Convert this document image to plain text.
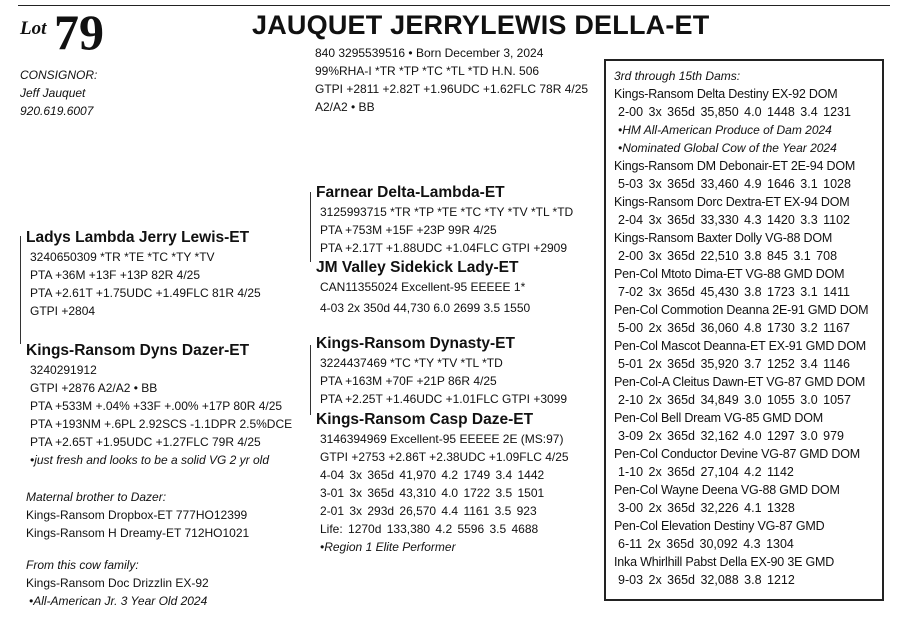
Lot 79	JAUQUET JERRYLEWIS DELLA-ET
CONSIGNOR:
Jeff Jauquet
920.619.6007
840 3295539516 • Born December 3, 2024
99%RHA-I *TR *TP *TC *TL *TD H.N. 506
GTPI +2811 +2.82T +1.96UDC +1.62FLC 78R 4/25
A2/A2 • BB
Ladys Lambda Jerry Lewis-ET
3240650309 *TR *TE *TC *TY *TV
PTA +36M +13F +13P 82R 4/25
PTA +2.61T +1.75UDC +1.49FLC 81R 4/25
GTPI +2804
Kings-Ransom Dyns Dazer-ET
3240291912
GTPI +2876 A2/A2 • BB
PTA +533M +.04% +33F +.00% +17P 80R 4/25
PTA +193NM +.6PL 2.92SCS -1.1DPR 2.5%DCE
PTA +2.65T +1.95UDC +1.27FLC 79R 4/25
•just fresh and looks to be a solid VG 2 yr old
Maternal brother to Dazer:
Kings-Ransom Dropbox-ET 777HO12399
Kings-Ransom H Dreamy-ET 712HO1021
From this cow family:
Kings-Ransom Doc Drizzlin EX-92
•All-American Jr. 3 Year Old 2024
Farnear Delta-Lambda-ET
3125993715 *TR *TP *TE *TC *TY *TV *TL *TD
PTA +753M +15F +23P 99R 4/25
PTA +2.17T +1.88UDC +1.04FLC GTPI +2909
JM Valley Sidekick Lady-ET
CAN11355024 Excellent-95 EEEEE 1*
4-03 2x 350d 44,730 6.0 2699 3.5 1550
Kings-Ransom Dynasty-ET
3224437469 *TC *TY *TV *TL *TD
PTA +163M +70F +21P 86R 4/25
PTA +2.25T +1.46UDC +1.01FLC GTPI +3099
Kings-Ransom Casp Daze-ET
3146394969 Excellent-95 EEEEE 2E (MS:97)
GTPI +2753 +2.86T +2.38UDC +1.09FLC 4/25
4-04 3x 365d 41,970 4.2 1749 3.4 1442
3-01 3x 365d 43,310 4.0 1722 3.5 1501
2-01 3x 293d 26,570 4.4 1161 3.5 923
Life: 1270d 133,380 4.2 5596 3.5 4688
•Region 1 Elite Performer
3rd through 15th Dams:
Kings-Ransom Delta Destiny EX-92 DOM
2-00 3x 365d 35,850 4.0 1448 3.4 1231
•HM All-American Produce of Dam 2024
•Nominated Global Cow of the Year 2024
Kings-Ransom DM Debonair-ET 2E-94 DOM
5-03 3x 365d 33,460 4.9 1646 3.1 1028
Kings-Ransom Dorc Dextra-ET EX-94 DOM
2-04 3x 365d 33,330 4.3 1420 3.3 1102
Kings-Ransom Baxter Dolly VG-88 DOM
2-00 3x 365d 22,510 3.8 845 3.1 708
Pen-Col Mtoto Dima-ET VG-88 GMD DOM
7-02 3x 365d 45,430 3.8 1723 3.1 1411
Pen-Col Commotion Deanna 2E-91 GMD DOM
5-00 2x 365d 36,060 4.8 1730 3.2 1167
Pen-Col Mascot Deanna-ET EX-91 GMD DOM
5-01 2x 365d 35,920 3.7 1252 3.4 1146
Pen-Col-A Cleitus Dawn-ET VG-87 GMD DOM
2-10 2x 365d 34,849 3.0 1055 3.0 1057
Pen-Col Bell Dream VG-85 GMD DOM
3-09 2x 365d 32,162 4.0 1297 3.0 979
Pen-Col Conductor Devine VG-87 GMD DOM
1-10 2x 365d 27,104 4.2 1142
Pen-Col Wayne Deena VG-88 GMD DOM
3-00 2x 365d 32,226 4.1 1328
Pen-Col Elevation Destiny VG-87 GMD
6-11 2x 365d 30,092 4.3 1304
Inka Whirlhill Pabst Della EX-90 3E GMD
9-03 2x 365d 32,088 3.8 1212
